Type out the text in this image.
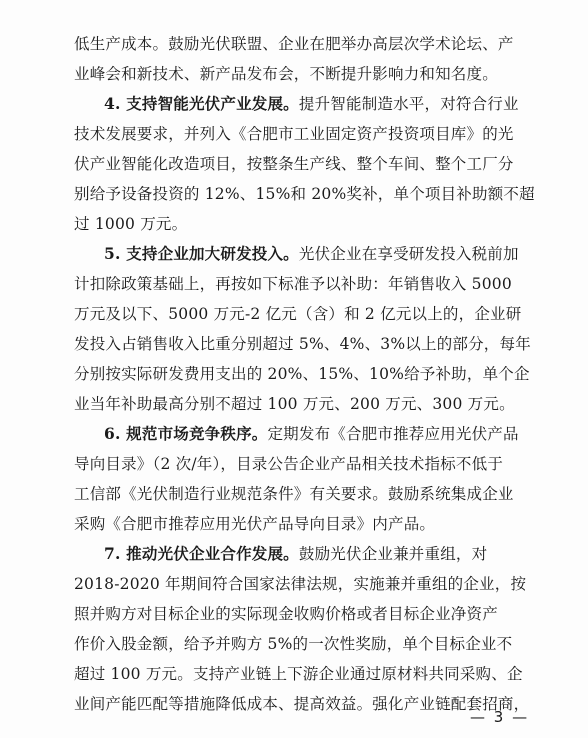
低生产成本。鼓励光伏联盟、企业在肥举办高层次学术论坛、产
业峰会和新技术、新产品发布会，不断提升影响力和知名度。
4. 支持智能光伏产业发展。提升智能制造水平，对符合行业
技术发展要求，并列入《合肥市工业固定资产投资项目库》的光
伏产业智能化改造项目，按整条生产线、整个车间、整个工厂分
别给予设备投资的 12%、15%和 20%奖补，单个项目补助额不超
过 1000 万元。
5. 支持企业加大研发投入。光伏企业在享受研发投入税前加
计扣除政策基础上，再按如下标准予以补助：年销售收入 5000
万元及以下、5000 万元-2 亿元（含）和 2 亿元以上的，企业研
发投入占销售收入比重分别超过 5%、4%、3%以上的部分，每年
分别按实际研发费用支出的 20%、15%、10%给予补助，单个企
业当年补助最高分别不超过 100 万元、200 万元、300 万元。
6. 规范市场竞争秩序。定期发布《合肥市推荐应用光伏产品
导向目录》（2 次/年），目录公告企业产品相关技术指标不低于
工信部《光伏制造行业规范条件》有关要求。鼓励系统集成企业
采购《合肥市推荐应用光伏产品导向目录》内产品。
7. 推动光伏企业合作发展。鼓励光伏企业兼并重组，对
2018-2020 年期间符合国家法律法规，实施兼并重组的企业，按
照并购方对目标企业的实际现金收购价格或者目标企业净资产
作价入股金额，给予并购方 5%的一次性奖励，单个目标企业不
超过 100 万元。支持产业链上下游企业通过原材料共同采购、企
业间产能匹配等措施降低成本、提高效益。强化产业链配套招商，
— 3 —
